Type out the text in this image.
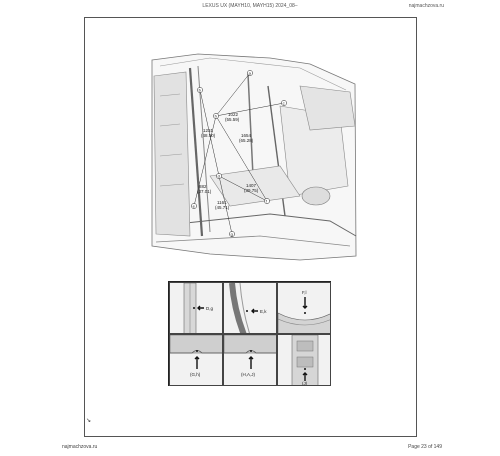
LEXUS UX (MAYH10, MAYH15) 2024_08–	najmachzova.ru
1022
(55.59)
1231
(48.50)	1654
(65.28)
882
(37.01)
1407
(39.75)
1161
(45.71)
a
b
c
d
e
f
g
h
D,g
E,k
F,l
(G,h)	(H,A,J)
(J)
↘
najmachzova.ru	Page 23 of 149
